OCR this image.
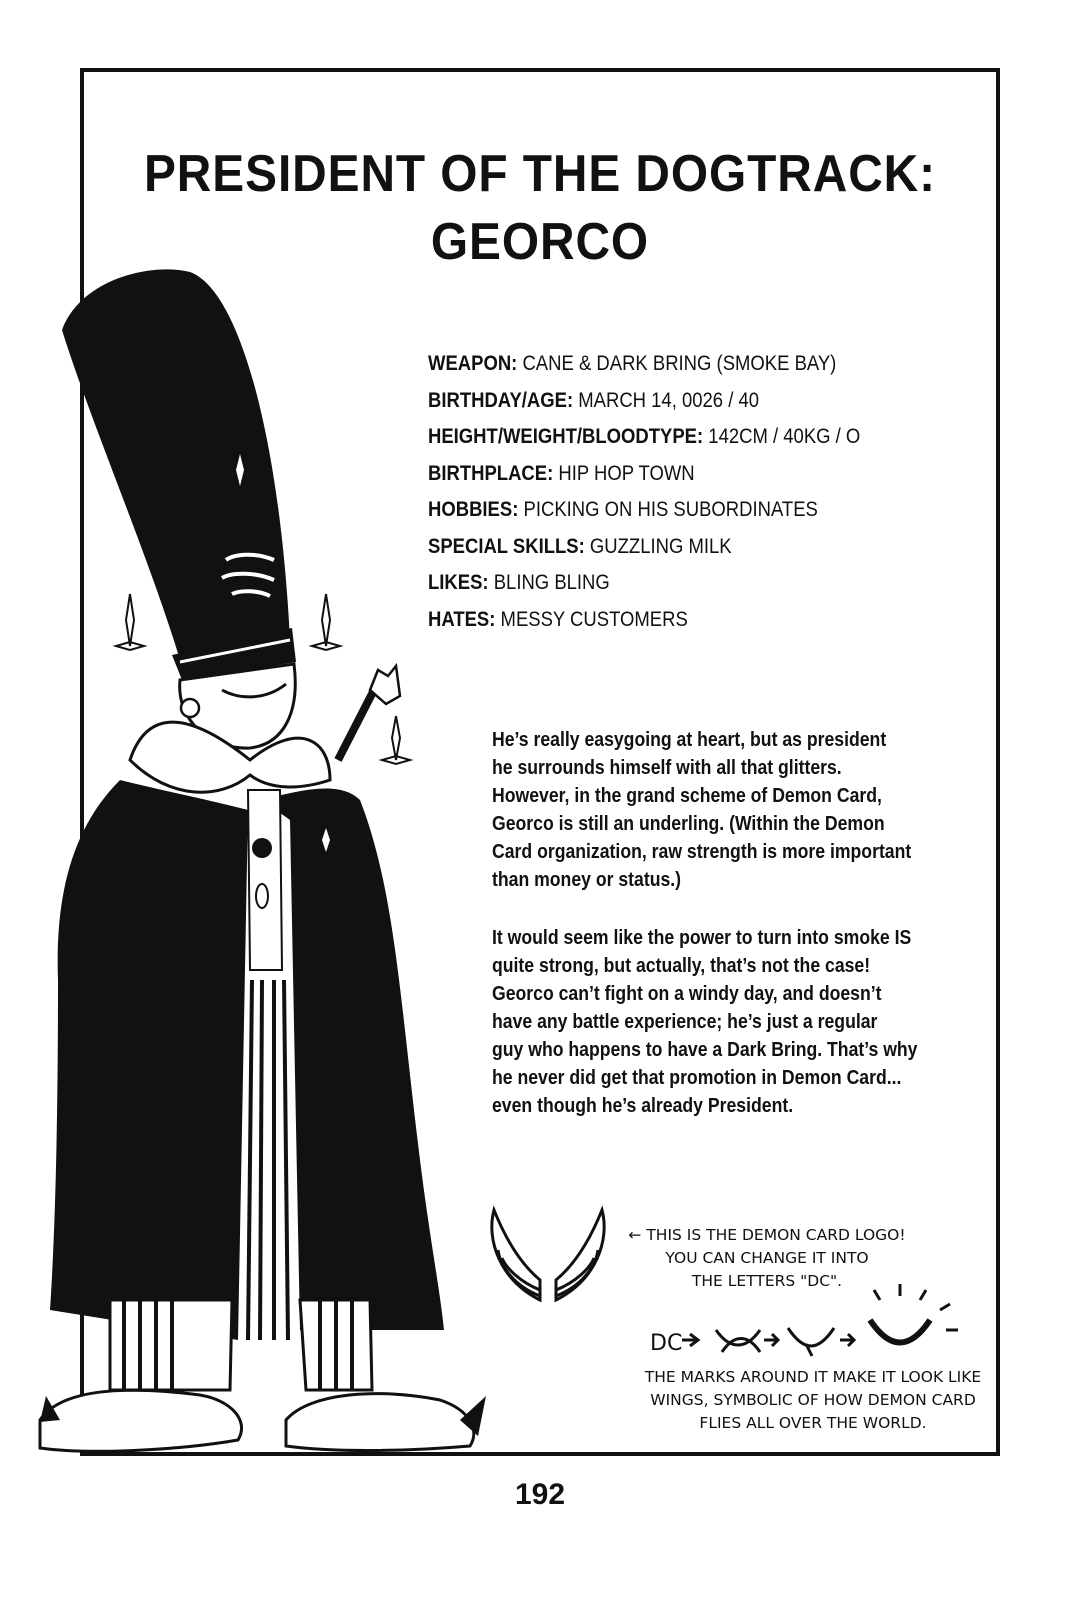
DC
PRESIDENT OF THE DOGTRACK:
GEORCO
WEAPON: CANE & DARK BRING (SMOKE BAY)
BIRTHDAY/AGE: MARCH 14, 0026 / 40
HEIGHT/WEIGHT/BLOODTYPE: 142CM / 40KG / O
BIRTHPLACE: HIP HOP TOWN
HOBBIES: PICKING ON HIS SUBORDINATES
SPECIAL SKILLS: GUZZLING MILK
LIKES: BLING BLING
HATES: MESSY CUSTOMERS
He’s really easygoing at heart, but as president
he surrounds himself with all that glitters.
However, in the grand scheme of Demon Card,
Georco is still an underling. (Within the Demon
Card organization, raw strength is more important
than money or status.)
It would seem like the power to turn into smoke IS
quite strong, but actually, that’s not the case!
Georco can’t fight on a windy day, and doesn’t
have any battle experience; he’s just a regular
guy who happens to have a Dark Bring. That’s why
he never did get that promotion in Demon Card...
even though he’s already President.
← THIS IS THE DEMON CARD LOGO!
YOU CAN CHANGE IT INTO
THE LETTERS "DC".
THE MARKS AROUND IT MAKE IT LOOK LIKE
WINGS, SYMBOLIC OF HOW DEMON CARD
FLIES ALL OVER THE WORLD.
192
